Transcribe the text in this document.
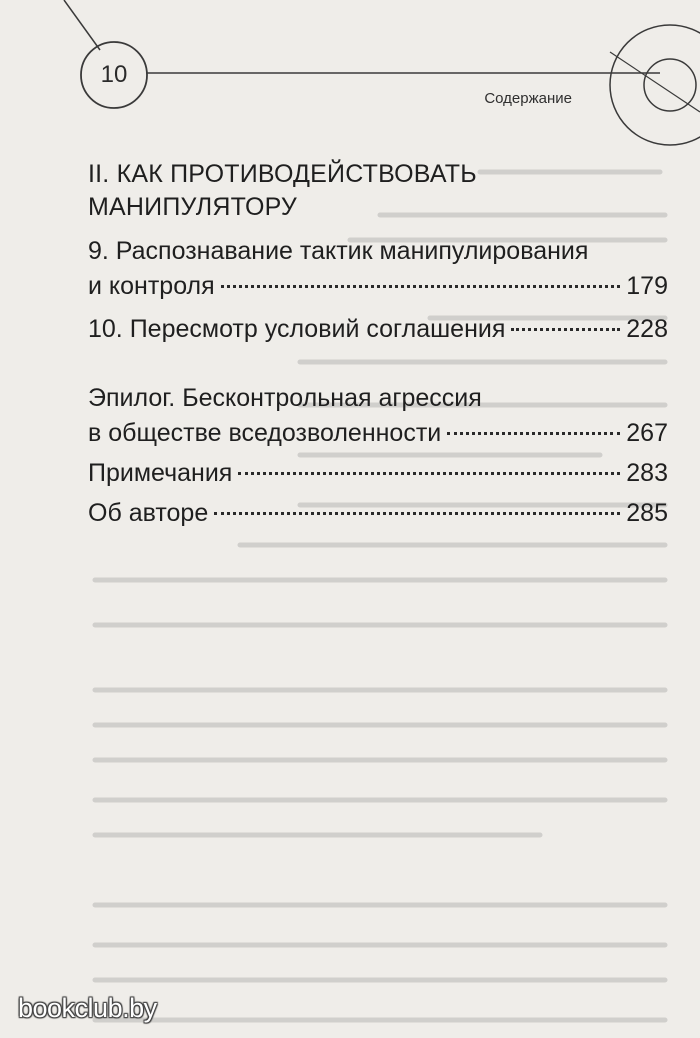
10
Содержание
II. КАК ПРОТИВОДЕЙСТВОВАТЬ
МАНИПУЛЯТОРУ
9. Распознавание тактик манипулирования
и контроля	179
10. Пересмотр условий соглашения	228
Эпилог. Бесконтрольная агрессия
в обществе вседозволенности	267
Примечания	283
Об авторе	285
bookclub.by
